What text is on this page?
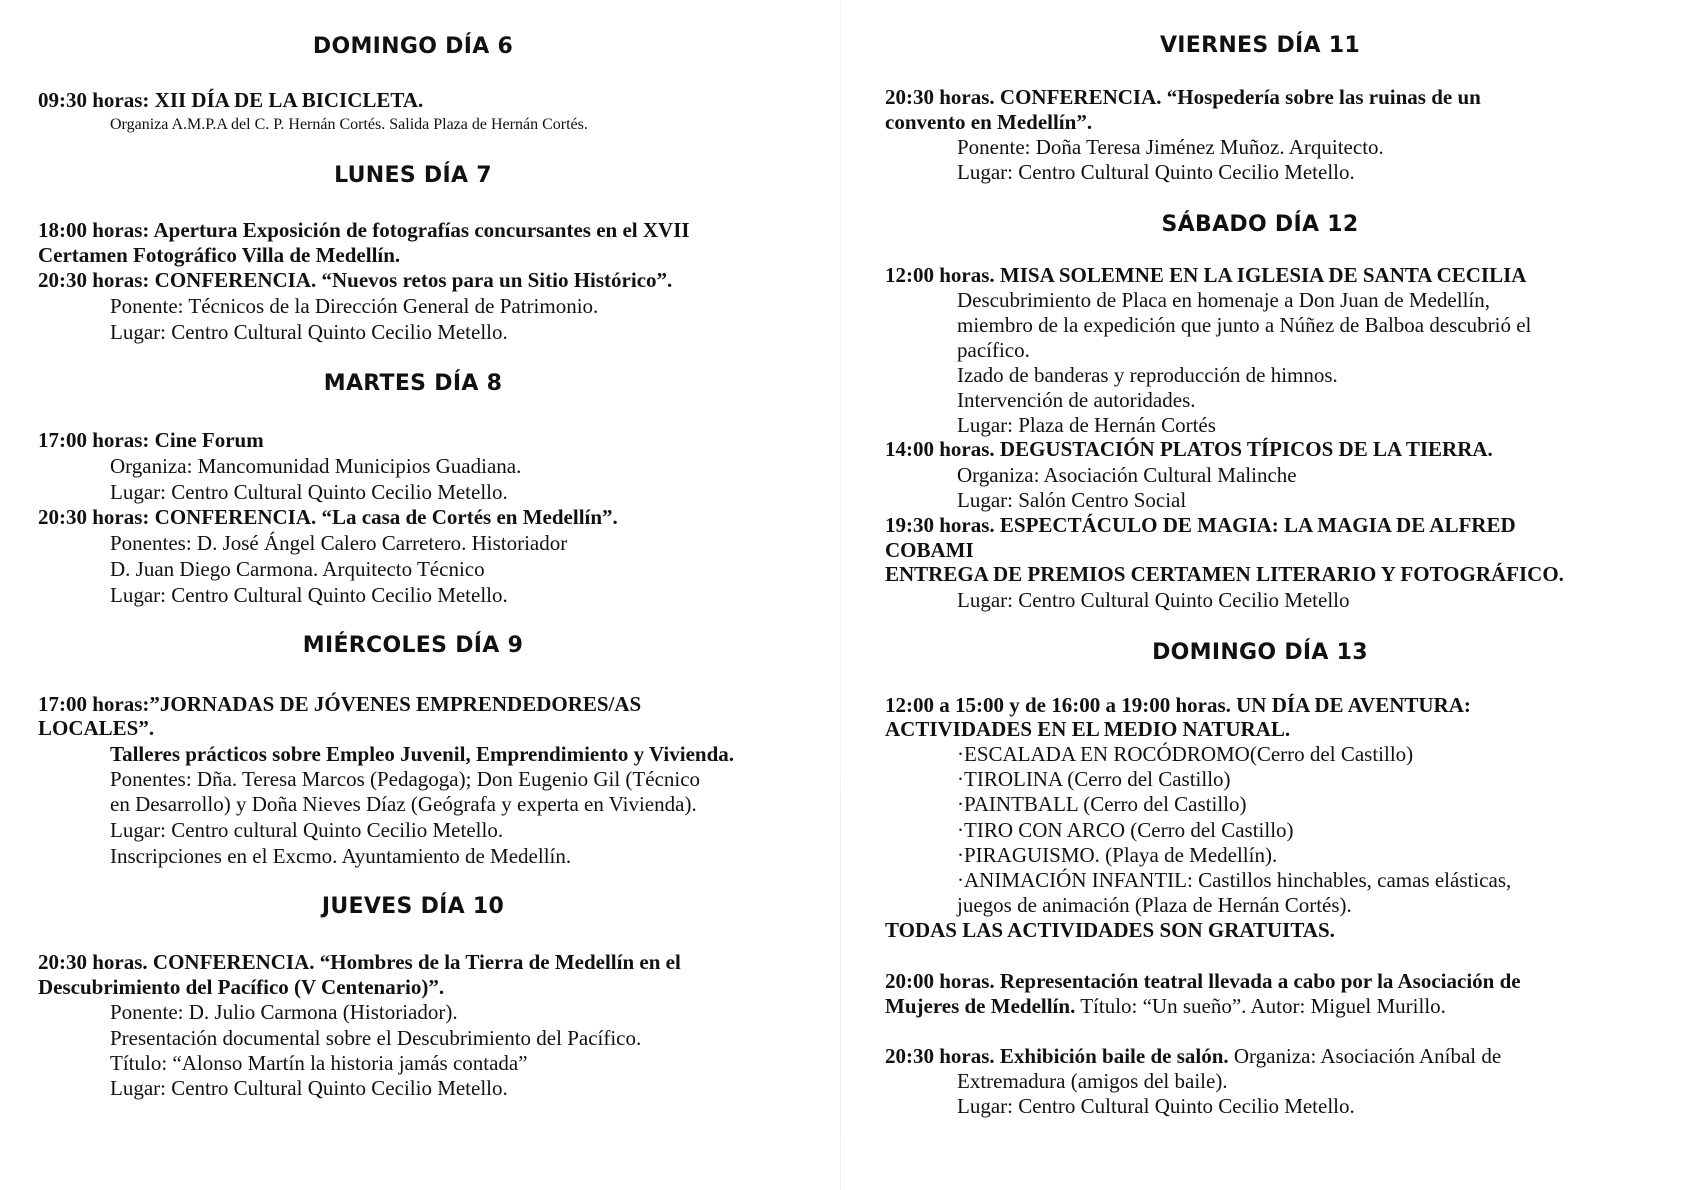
DOMINGO DÍA 6
09:30 horas: XII DÍA DE LA BICICLETA.
Organiza A.M.P.A del C. P. Hernán Cortés. Salida Plaza de Hernán Cortés.
LUNES DÍA 7
18:00 horas: Apertura Exposición de fotografías concursantes en el XVII
Certamen Fotográfico Villa de Medellín.
20:30 horas: CONFERENCIA. “Nuevos retos para un Sitio Histórico”.
Ponente: Técnicos de la Dirección General de Patrimonio.
Lugar: Centro Cultural Quinto Cecilio Metello.
MARTES DÍA 8
17:00 horas: Cine Forum
Organiza: Mancomunidad Municipios Guadiana.
Lugar: Centro Cultural Quinto Cecilio Metello.
20:30 horas: CONFERENCIA. “La casa de Cortés en Medellín”.
Ponentes: D. José Ángel Calero Carretero. Historiador
D. Juan Diego Carmona. Arquitecto Técnico
Lugar: Centro Cultural Quinto Cecilio Metello.
MIÉRCOLES DÍA 9
17:00 horas:”JORNADAS DE JÓVENES EMPRENDEDORES/AS
LOCALES”.
Talleres prácticos sobre Empleo Juvenil, Emprendimiento y Vivienda.
Ponentes: Dña. Teresa Marcos (Pedagoga); Don Eugenio Gil (Técnico
en Desarrollo) y Doña Nieves Díaz (Geógrafa y experta en Vivienda).
Lugar: Centro cultural Quinto Cecilio Metello.
Inscripciones en el Excmo. Ayuntamiento de Medellín.
JUEVES DÍA 10
20:30 horas. CONFERENCIA. “Hombres de la Tierra de Medellín en el
Descubrimiento del Pacífico (V Centenario)”.
Ponente: D. Julio Carmona (Historiador).
Presentación documental sobre el Descubrimiento del Pacífico.
Título: “Alonso Martín la historia jamás contada”
Lugar: Centro Cultural Quinto Cecilio Metello.
VIERNES DÍA 11
20:30 horas. CONFERENCIA. “Hospedería sobre las ruinas de un
convento en Medellín”.
Ponente: Doña Teresa Jiménez Muñoz. Arquitecto.
Lugar: Centro Cultural Quinto Cecilio Metello.
SÁBADO DÍA 12
12:00 horas. MISA SOLEMNE EN LA IGLESIA DE SANTA CECILIA
Descubrimiento de Placa en homenaje a Don Juan de Medellín,
miembro de la expedición que junto a Núñez de Balboa descubrió el
pacífico.
Izado de banderas y reproducción de himnos.
Intervención de autoridades.
Lugar: Plaza de Hernán Cortés
14:00 horas. DEGUSTACIÓN PLATOS TÍPICOS DE LA TIERRA.
Organiza: Asociación Cultural Malinche
Lugar: Salón Centro Social
19:30 horas. ESPECTÁCULO DE MAGIA: LA MAGIA DE ALFRED
COBAMI
ENTREGA DE PREMIOS CERTAMEN LITERARIO Y FOTOGRÁFICO.
Lugar: Centro Cultural Quinto Cecilio Metello
DOMINGO DÍA 13
12:00 a 15:00 y de 16:00 a 19:00 horas. UN DÍA DE AVENTURA:
ACTIVIDADES EN EL MEDIO NATURAL.
·ESCALADA EN ROCÓDROMO(Cerro del Castillo)
·TIROLINA (Cerro del Castillo)
·PAINTBALL (Cerro del Castillo)
·TIRO CON ARCO (Cerro del Castillo)
·PIRAGUISMO. (Playa de Medellín).
·ANIMACIÓN INFANTIL: Castillos hinchables, camas elásticas,
juegos de animación (Plaza de Hernán Cortés).
TODAS LAS ACTIVIDADES SON GRATUITAS.
20:00 horas. Representación teatral llevada a cabo por la Asociación de
Mujeres de Medellín. Título: “Un sueño”. Autor: Miguel Murillo.
20:30 horas. Exhibición baile de salón. Organiza: Asociación Aníbal de
Extremadura (amigos del baile).
Lugar: Centro Cultural Quinto Cecilio Metello.
